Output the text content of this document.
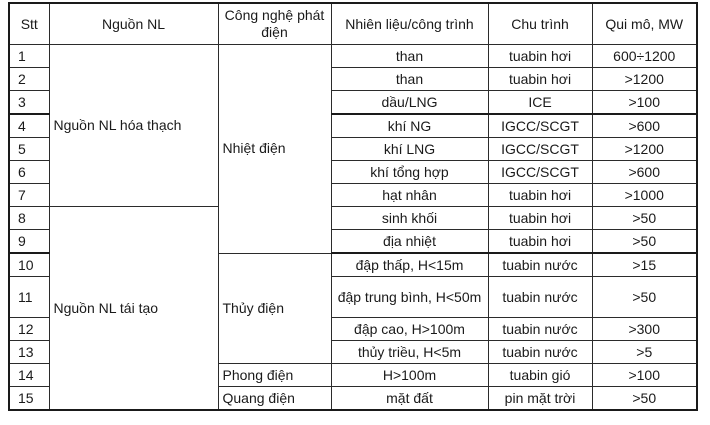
Stt	Nguồn NL	Công nghệ phát điện	Nhiên liệu/công trình	Chu trình	Qui mô, MW
1	Nguồn NL hóa thạch	Nhiệt điện	than	tuabin hơi	600÷1200
2			than	tuabin hơi	>1200
3			dầu/LNG	ICE	>100
4			khí NG	IGCC/SCGT	>600
5			khí LNG	IGCC/SCGT	>1200
6			khí tổng hợp	IGCC/SCGT	>600
7			hạt nhân	tuabin hơi	>1000
8	Nguồn NL tái tạo		sinh khối	tuabin hơi	>50
9			địa nhiệt	tuabin hơi	>50
10		Thủy điện	đập thấp, H<15m	tuabin nước	>15
11			đập trung bình, H<50m	tuabin nước	>50
12			đập cao, H>100m	tuabin nước	>300
13			thủy triều, H<5m	tuabin nước	>5
14		Phong điện	H>100m	tuabin gió	>100
15		Quang điện	mặt đất	pin mặt trời	>50
